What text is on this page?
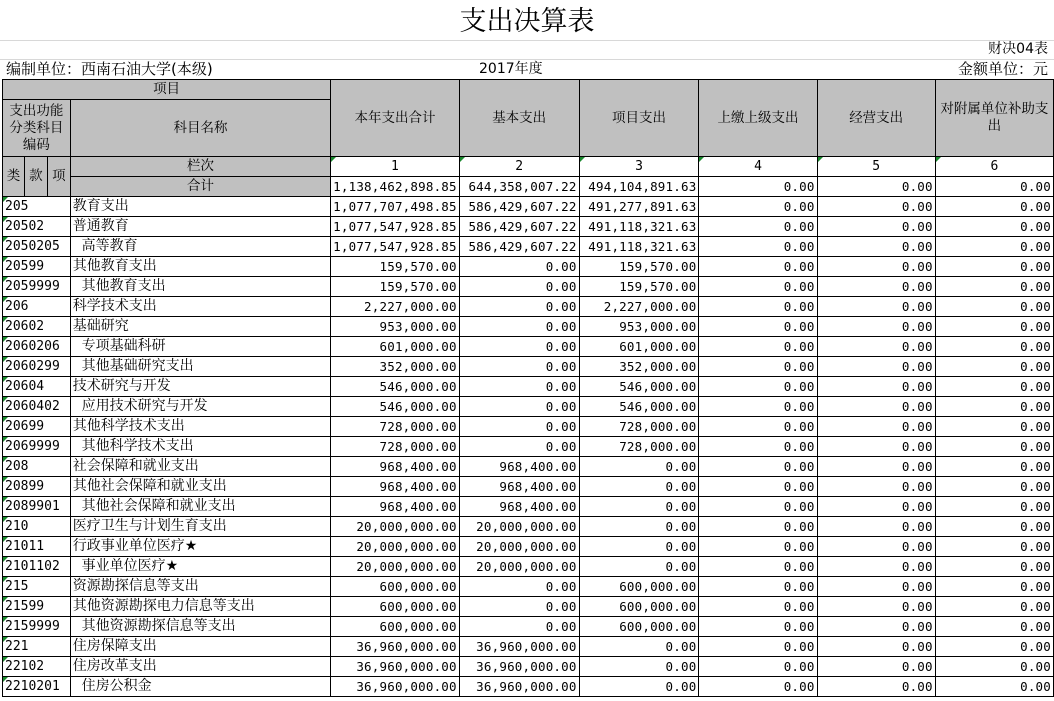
支出决算表
财决04表
编制单位：西南石油大学(本级)	2017年度	金额单位：元
项目				本年支出合计	基本支出	项目支出	上缴上级支出	经营支出	对附属单位补助支出
支出功能分类科目编码			科目名称						

类	款	项	栏次	1	2	3	4	5	6
			合计	1,138,462,898.85	644,358,007.22	494,104,891.63	0.00	0.00	0.00

205			教育支出	1,077,707,498.85	586,429,607.22	491,277,891.63	0.00	0.00	0.00

20502			普通教育	1,077,547,928.85	586,429,607.22	491,118,321.63	0.00	0.00	0.00

2050205			高等教育	1,077,547,928.85	586,429,607.22	491,118,321.63	0.00	0.00	0.00

20599			其他教育支出	159,570.00	0.00	159,570.00	0.00	0.00	0.00

2059999			其他教育支出	159,570.00	0.00	159,570.00	0.00	0.00	0.00

206			科学技术支出	2,227,000.00	0.00	2,227,000.00	0.00	0.00	0.00

20602			基础研究	953,000.00	0.00	953,000.00	0.00	0.00	0.00

2060206			专项基础科研	601,000.00	0.00	601,000.00	0.00	0.00	0.00

2060299			其他基础研究支出	352,000.00	0.00	352,000.00	0.00	0.00	0.00

20604			技术研究与开发	546,000.00	0.00	546,000.00	0.00	0.00	0.00

2060402			应用技术研究与开发	546,000.00	0.00	546,000.00	0.00	0.00	0.00

20699			其他科学技术支出	728,000.00	0.00	728,000.00	0.00	0.00	0.00

2069999			其他科学技术支出	728,000.00	0.00	728,000.00	0.00	0.00	0.00

208			社会保障和就业支出	968,400.00	968,400.00	0.00	0.00	0.00	0.00

20899			其他社会保障和就业支出	968,400.00	968,400.00	0.00	0.00	0.00	0.00

2089901			其他社会保障和就业支出	968,400.00	968,400.00	0.00	0.00	0.00	0.00

210			医疗卫生与计划生育支出	20,000,000.00	20,000,000.00	0.00	0.00	0.00	0.00

21011			行政事业单位医疗★	20,000,000.00	20,000,000.00	0.00	0.00	0.00	0.00

2101102			事业单位医疗★	20,000,000.00	20,000,000.00	0.00	0.00	0.00	0.00

215			资源勘探信息等支出	600,000.00	0.00	600,000.00	0.00	0.00	0.00

21599			其他资源勘探电力信息等支出	600,000.00	0.00	600,000.00	0.00	0.00	0.00

2159999			其他资源勘探信息等支出	600,000.00	0.00	600,000.00	0.00	0.00	0.00

221			住房保障支出	36,960,000.00	36,960,000.00	0.00	0.00	0.00	0.00

22102			住房改革支出	36,960,000.00	36,960,000.00	0.00	0.00	0.00	0.00

2210201			住房公积金	36,960,000.00	36,960,000.00	0.00	0.00	0.00	0.00
